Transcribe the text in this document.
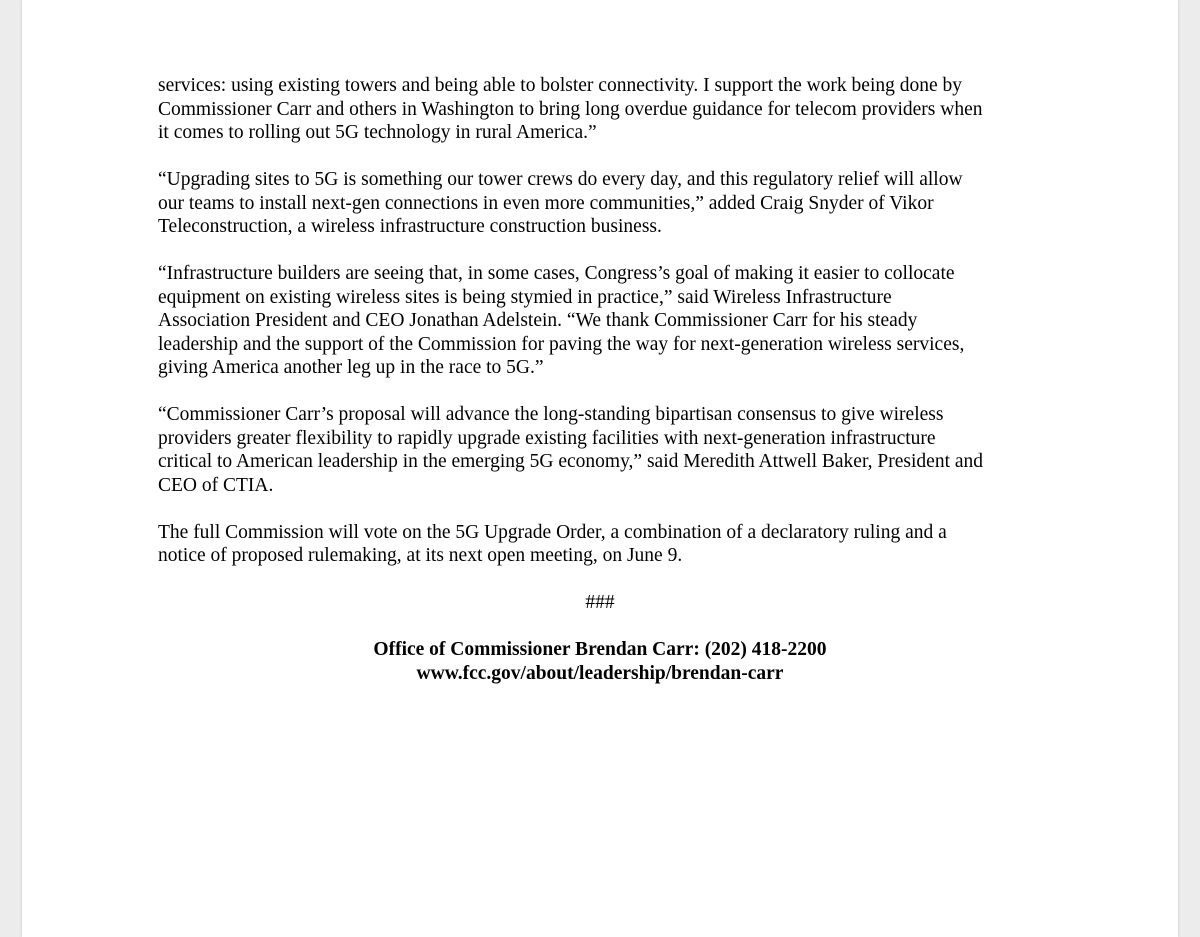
services: using existing towers and being able to bolster connectivity. I support the work being done by
Commissioner Carr and others in Washington to bring long overdue guidance for telecom providers when
it comes to rolling out 5G technology in rural America.”

“Upgrading sites to 5G is something our tower crews do every day, and this regulatory relief will allow
our teams to install next-gen connections in even more communities,” added Craig Snyder of Vikor
Teleconstruction, a wireless infrastructure construction business.

“Infrastructure builders are seeing that, in some cases, Congress’s goal of making it easier to collocate
equipment on existing wireless sites is being stymied in practice,” said Wireless Infrastructure
Association President and CEO Jonathan Adelstein. “We thank Commissioner Carr for his steady
leadership and the support of the Commission for paving the way for next-generation wireless services,
giving America another leg up in the race to 5G.”

“Commissioner Carr’s proposal will advance the long-standing bipartisan consensus to give wireless
providers greater flexibility to rapidly upgrade existing facilities with next-generation infrastructure
critical to American leadership in the emerging 5G economy,” said Meredith Attwell Baker, President and
CEO of CTIA.

The full Commission will vote on the 5G Upgrade Order, a combination of a declaratory ruling and a
notice of proposed rulemaking, at its next open meeting, on June 9.

###

Office of Commissioner Brendan Carr: (202) 418-2200
www.fcc.gov/about/leadership/brendan-carr
